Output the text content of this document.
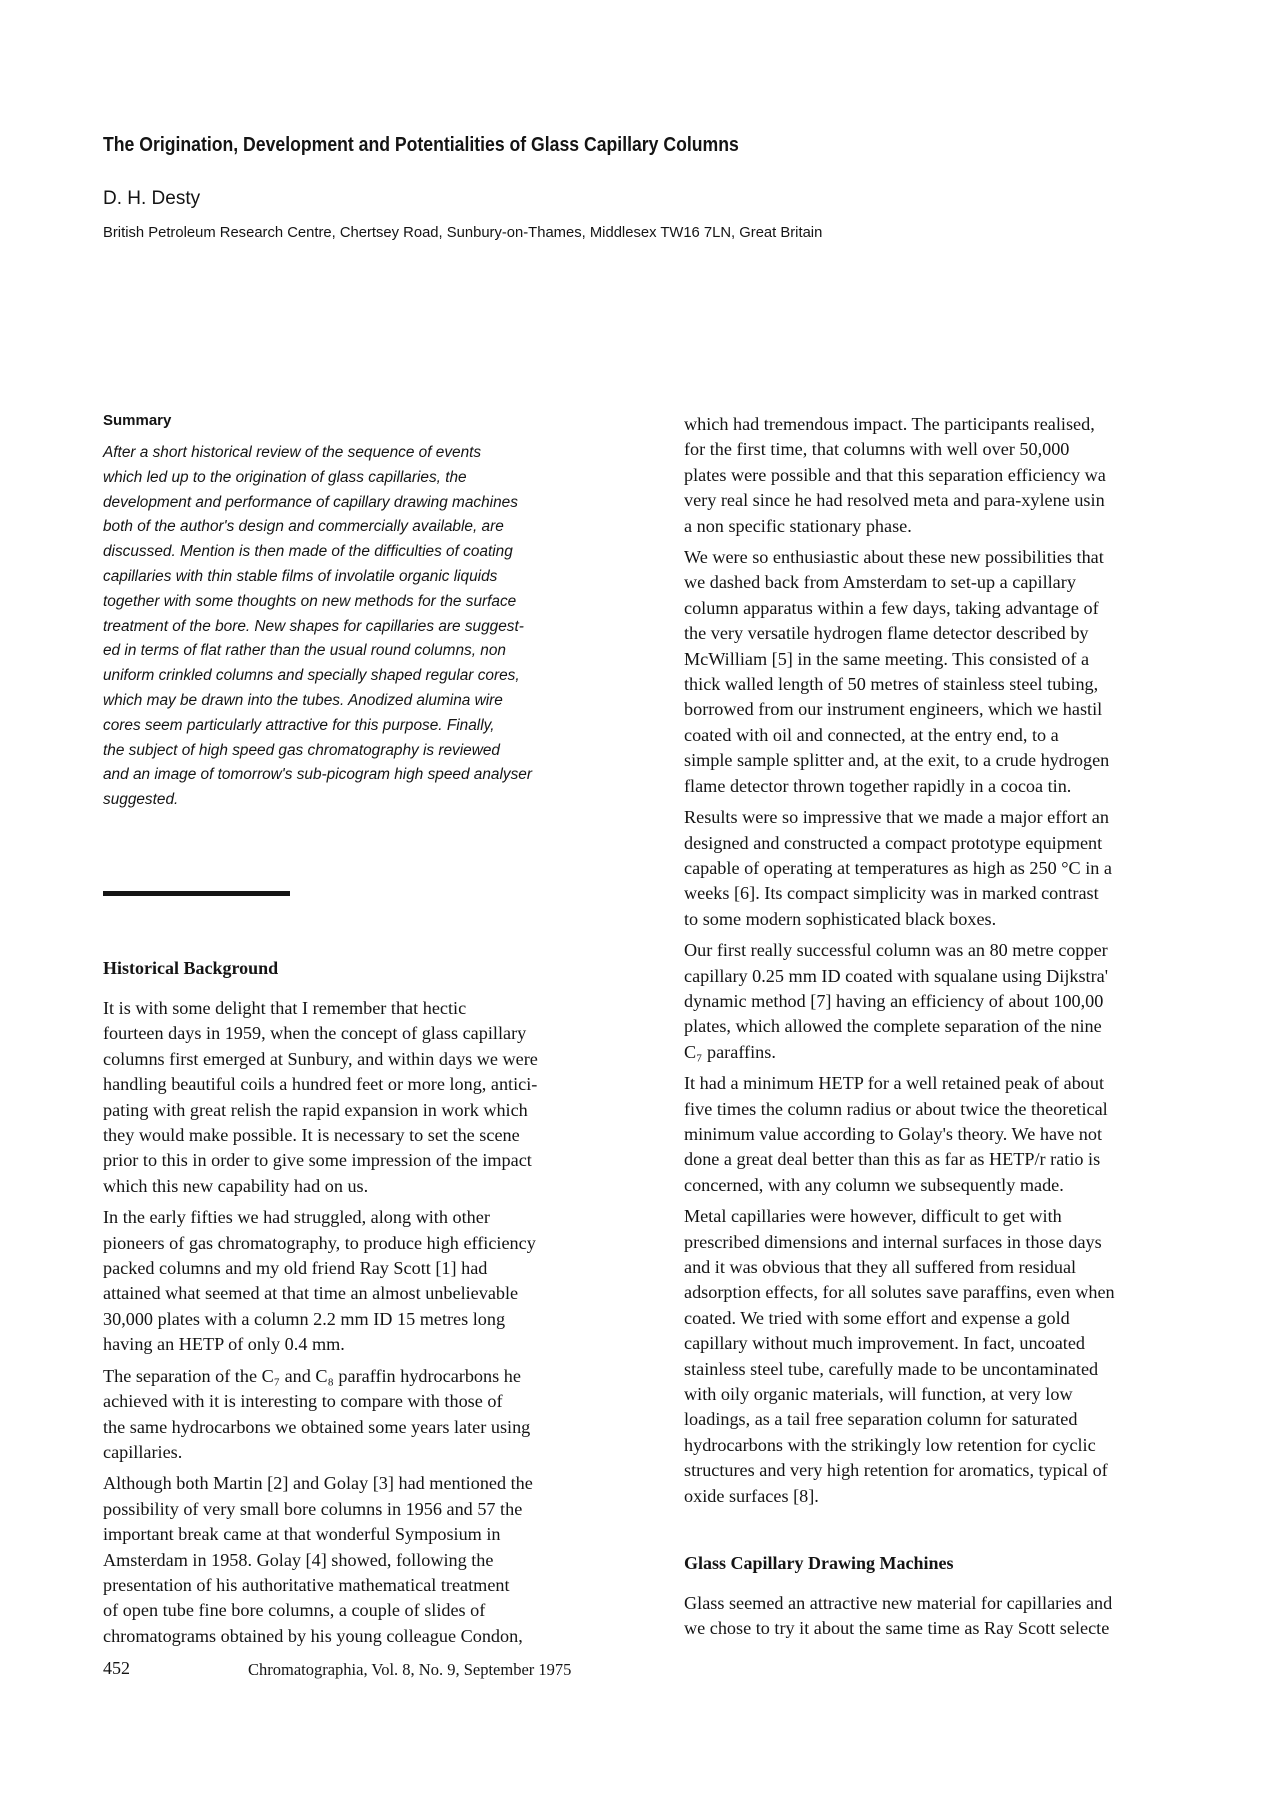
The Origination, Development and Potentialities of Glass Capillary Columns
D. H. Desty
British Petroleum Research Centre, Chertsey Road, Sunbury-on-Thames, Middlesex TW16 7LN, Great Britain
Summary

After a short historical review of the sequence of events
which led up to the origination of glass capillaries, the
development and performance of capillary drawing machines
both of the author's design and commercially available, are
discussed. Mention is then made of the difficulties of coating
capillaries with thin stable films of involatile organic liquids
together with some thoughts on new methods for the surface
treatment of the bore. New shapes for capillaries are suggest-
ed in terms of flat rather than the usual round columns, non
uniform crinkled columns and specially shaped regular cores,
which may be drawn into the tubes. Anodized alumina wire
cores seem particularly attractive for this purpose. Finally,
the subject of high speed gas chromatography is reviewed
and an image of tomorrow's sub-picogram high speed analyser
suggested.

Historical Background

It is with some delight that I remember that hectic
fourteen days in 1959, when the concept of glass capillary
columns first emerged at Sunbury, and within days we were
handling beautiful coils a hundred feet or more long, antici-
pating with great relish the rapid expansion in work which
they would make possible. It is necessary to set the scene
prior to this in order to give some impression of the impact
which this new capability had on us.

In the early fifties we had struggled, along with other
pioneers of gas chromatography, to produce high efficiency
packed columns and my old friend Ray Scott [1] had
attained what seemed at that time an almost unbelievable
30,000 plates with a column 2.2 mm ID 15 metres long
having an HETP of only 0.4 mm.

The separation of the C₇ and C₈ paraffin hydrocarbons he
achieved with it is interesting to compare with those of
the same hydrocarbons we obtained some years later using
capillaries.

Although both Martin [2] and Golay [3] had mentioned the
possibility of very small bore columns in 1956 and 57 the
important break came at that wonderful Symposium in
Amsterdam in 1958. Golay [4] showed, following the
presentation of his authoritative mathematical treatment
of open tube fine bore columns, a couple of slides of
chromatograms obtained by his young colleague Condon,

which had tremendous impact. The participants realised,
for the first time, that columns with well over 50,000
plates were possible and that this separation efficiency wa
very real since he had resolved meta and para-xylene usin
a non specific stationary phase.

We were so enthusiastic about these new possibilities that
we dashed back from Amsterdam to set-up a capillary
column apparatus within a few days, taking advantage of
the very versatile hydrogen flame detector described by
McWilliam [5] in the same meeting. This consisted of a
thick walled length of 50 metres of stainless steel tubing,
borrowed from our instrument engineers, which we hastil
coated with oil and connected, at the entry end, to a
simple sample splitter and, at the exit, to a crude hydrogen
flame detector thrown together rapidly in a cocoa tin.

Results were so impressive that we made a major effort an
designed and constructed a compact prototype equipment
capable of operating at temperatures as high as 250 °C in a
weeks [6]. Its compact simplicity was in marked contrast
to some modern sophisticated black boxes.

Our first really successful column was an 80 metre copper
capillary 0.25 mm ID coated with squalane using Dijkstra'
dynamic method [7] having an efficiency of about 100,00
plates, which allowed the complete separation of the nine
C₇ paraffins.

It had a minimum HETP for a well retained peak of about
five times the column radius or about twice the theoretical
minimum value according to Golay's theory. We have not
done a great deal better than this as far as HETP/r ratio is
concerned, with any column we subsequently made.

Metal capillaries were however, difficult to get with
prescribed dimensions and internal surfaces in those days
and it was obvious that they all suffered from residual
adsorption effects, for all solutes save paraffins, even when
coated. We tried with some effort and expense a gold
capillary without much improvement. In fact, uncoated
stainless steel tube, carefully made to be uncontaminated
with oily organic materials, will function, at very low
loadings, as a tail free separation column for saturated
hydrocarbons with the strikingly low retention for cyclic
structures and very high retention for aromatics, typical of
oxide surfaces [8].

Glass Capillary Drawing Machines

Glass seemed an attractive new material for capillaries and
we chose to try it about the same time as Ray Scott selecte

452	Chromatographia, Vol. 8, No. 9, September 1975
